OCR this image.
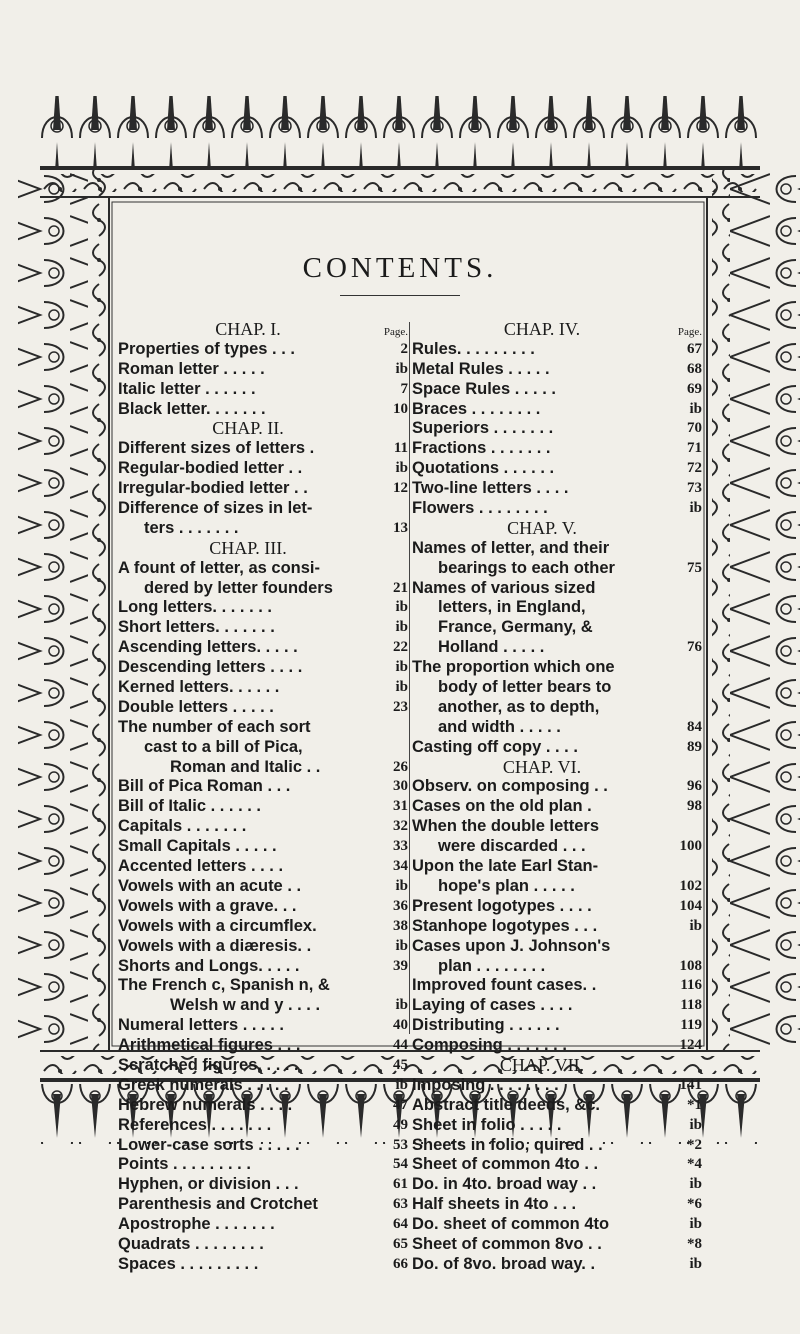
CONTENTS.
CHAP. I.	Page.
Properties of types . . .	2
Roman letter . . . . .	ib
Italic letter . . . . . .	7
Black letter. . . . . . .	10
CHAP. II.
Different sizes of letters .	11
Regular-bodied letter . .	ib
Irregular-bodied letter . .	12
Difference of sizes in let-
ters . . . . . . .	13
CHAP. III.
A fount of letter, as consi-
dered by letter founders	21
Long letters. . . . . . .	ib
Short letters. . . . . . .	ib
Ascending letters. . . . .	22
Descending letters . . . .	ib
Kerned letters. . . . . .	ib
Double letters . . . . .	23
The number of each sort
cast to a bill of Pica,
Roman and Italic . .	26
Bill of Pica Roman . . .	30
Bill of Italic . . . . . .	31
Capitals . . . . . . .	32
Small Capitals . . . . .	33
Accented letters . . . .	34
Vowels with an acute . .	ib
Vowels with a grave. . .	36
Vowels with a circumflex.	38
Vowels with a diæresis. .	ib
Shorts and Longs. . . . .	39
The French c, Spanish n, &
Welsh w and y . . . .	ib
Numeral letters . . . . .	40
Arithmetical figures . . .	44
Scratched figures. . . . .	45
Greek numerals . . . . .	ib
Hebrew numerals . . . .	47
References . . . . . . .	49
Lower-case sorts . . . . .	53
Points . . . . . . . . .	54
Hyphen, or division . . .	61
Parenthesis and Crotchet	63
Apostrophe . . . . . . .	64
Quadrats . . . . . . . .	65
Spaces . . . . . . . . .	66
CHAP. IV.	Page.
Rules. . . . . . . . .	67
Metal Rules . . . . .	68
Space Rules . . . . .	69
Braces . . . . . . . .	ib
Superiors . . . . . . .	70
Fractions . . . . . . .	71
Quotations . . . . . .	72
Two-line letters . . . .	73
Flowers . . . . . . . .	ib
CHAP. V.
Names of letter, and their
bearings to each other	75
Names of various sized
letters, in England,
France, Germany, &
Holland . . . . .	76
The proportion which one
body of letter bears to
another, as to depth,
and width . . . . .	84
Casting off copy . . . .	89
CHAP. VI.
Observ. on composing . .	96
Cases on the old plan .	98
When the double letters
were discarded . . .	100
Upon the late Earl Stan-
hope's plan . . . . .	102
Present logotypes . . . .	104
Stanhope logotypes . . .	ib
Cases upon J. Johnson's
plan . . . . . . . .	108
Improved fount cases. .	116
Laying of cases . . . .	118
Distributing . . . . . .	119
Composing . . . . . . .	124
CHAP. VII.
Imposing . . . . . . . .	141
Abstract title deeds, &c.	*1
Sheet in folio . . . . .	ib
Sheets in folio, quired . .	*2
Sheet of common 4to . .	*4
Do. in 4to. broad way . .	ib
Half sheets in 4to . . .	*6
Do. sheet of common 4to	ib
Sheet of common 8vo . .	*8
Do. of 8vo. broad way. .	ib
